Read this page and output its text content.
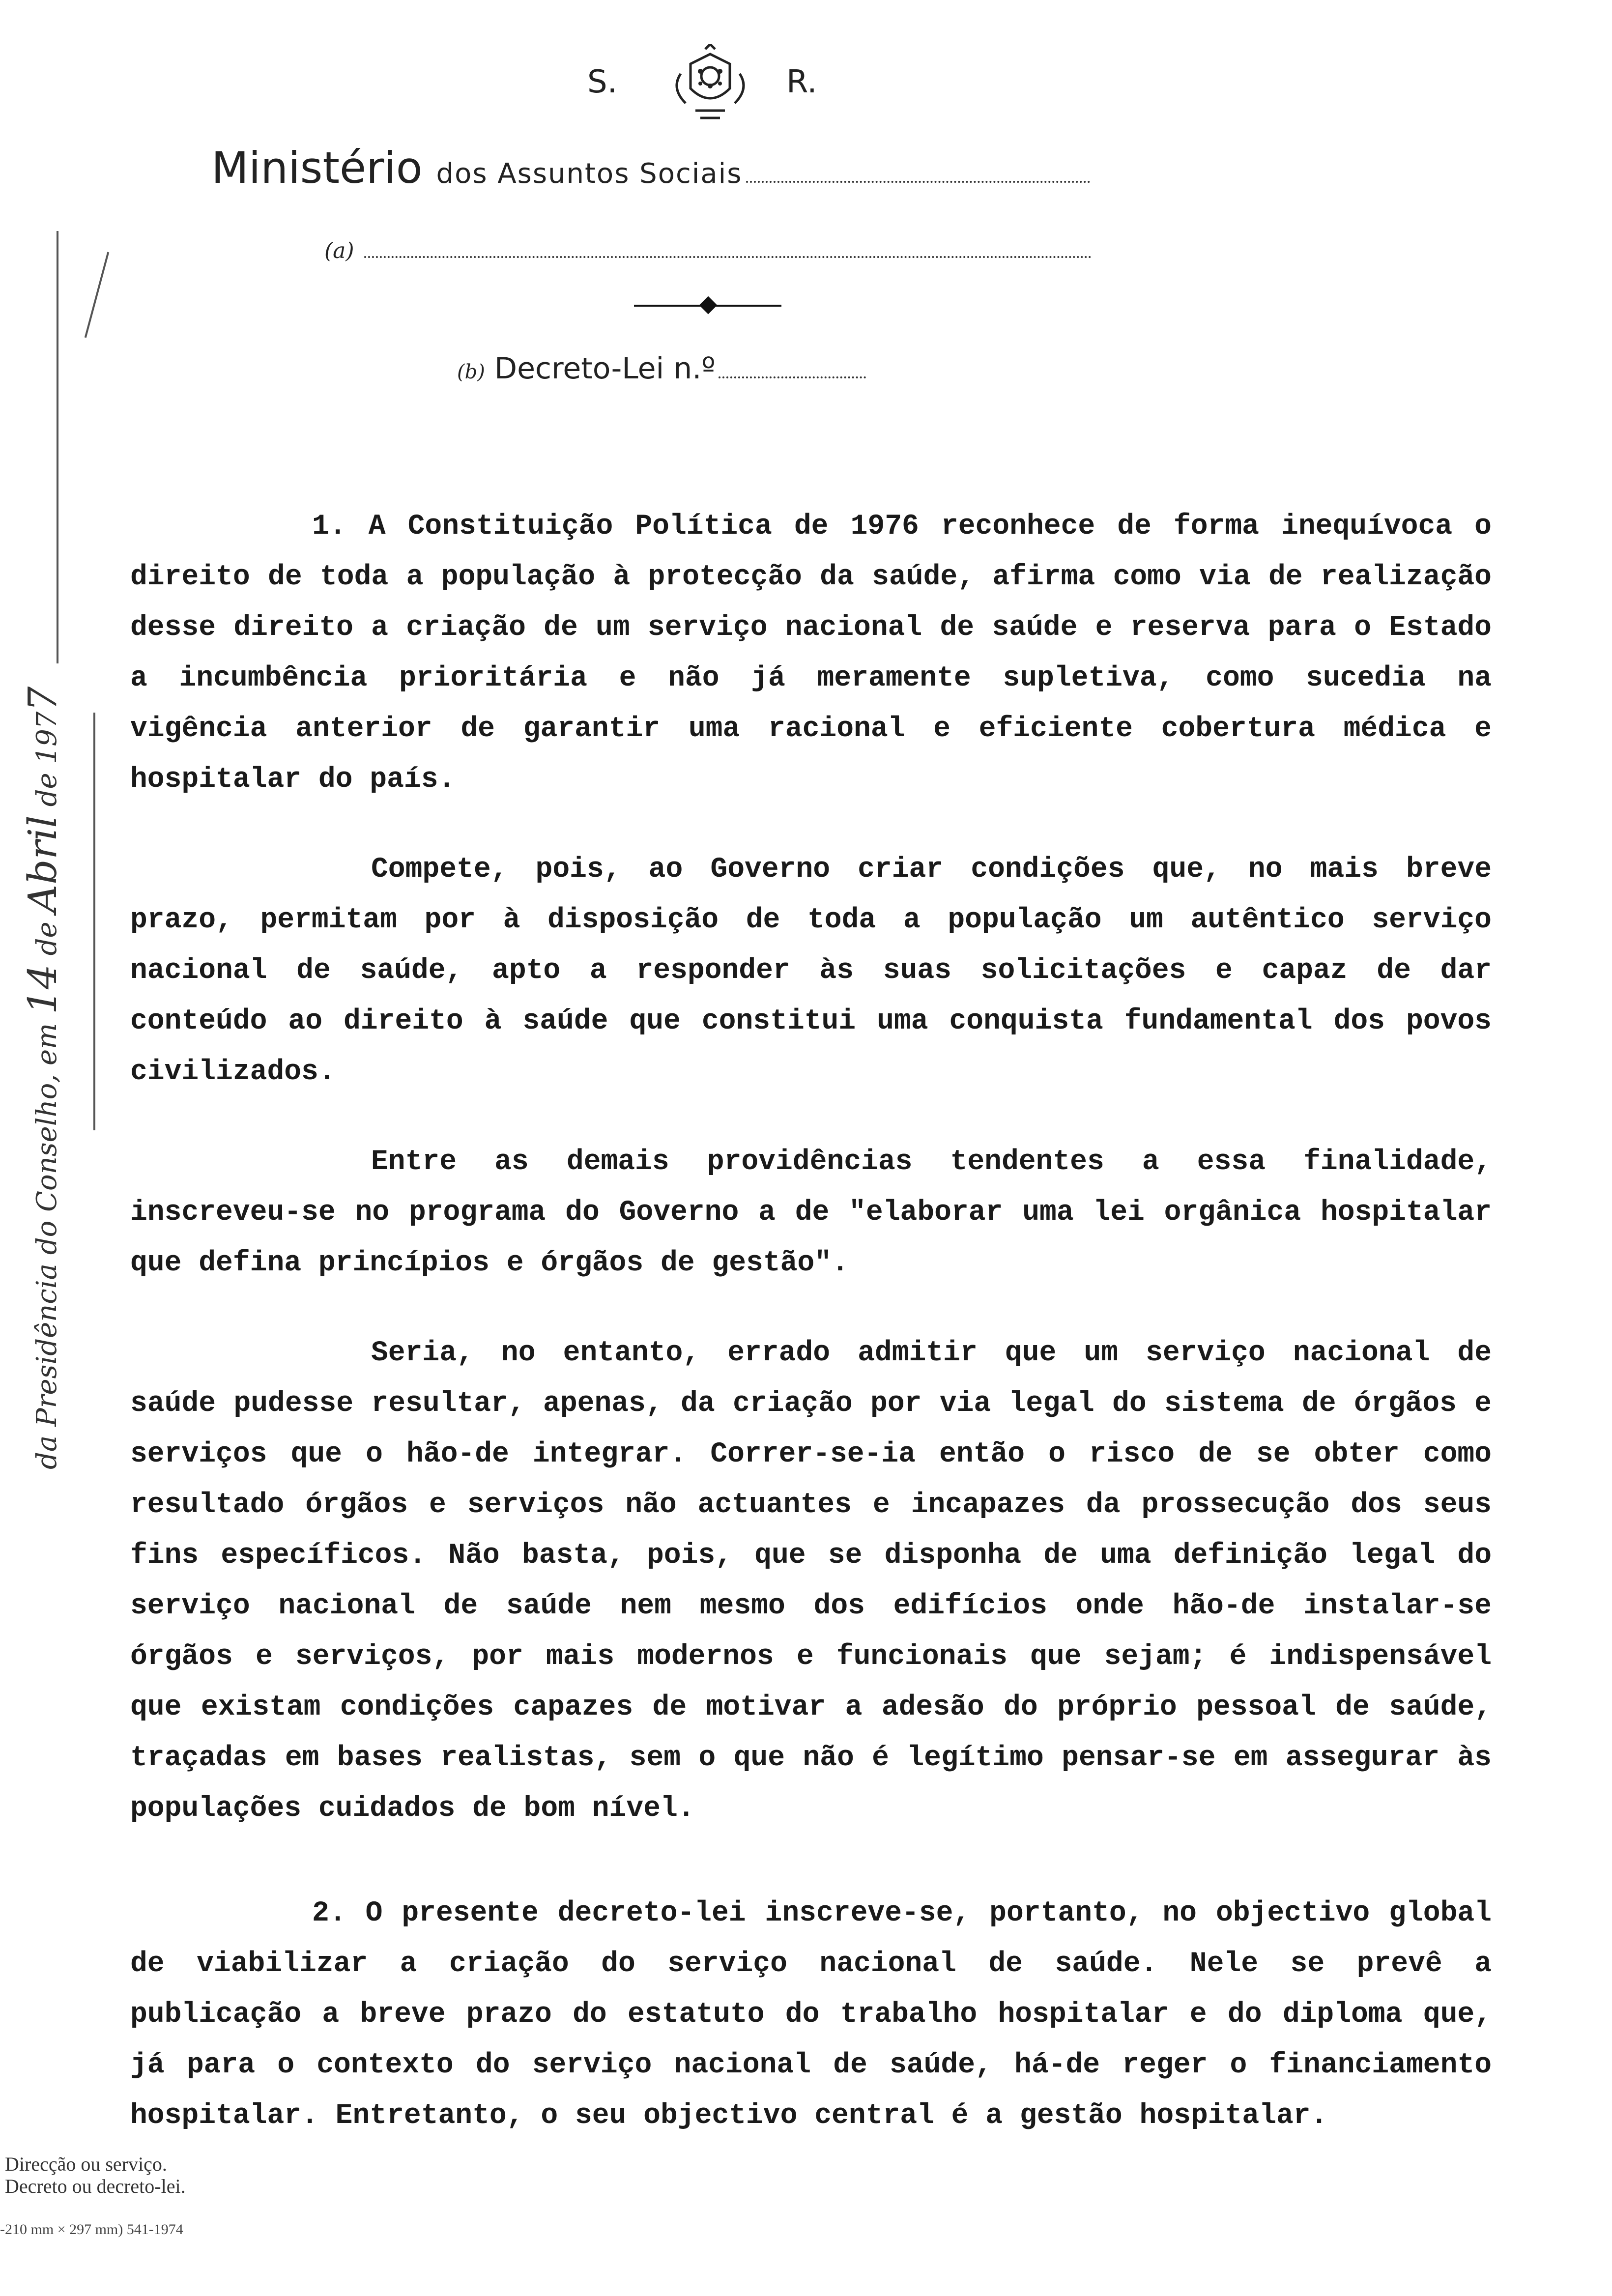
S.	R.
Ministério dos Assuntos Sociais
(a)
(b) Decreto-Lei n.º

1. A Constituição Política de 1976 reconhece de forma inequívoca o direito de toda a população à protecção da saúde, afirma como via de realização desse direito a criação de um serviço nacional de saúde e reserva para o Estado a incumbência prioritária e não já meramente supletiva, como sucedia na vigência anterior de garantir uma racional e eficiente cobertura médica e hospitalar do país.

Compete, pois, ao Governo criar condições que, no mais breve prazo, permitam por à disposição de toda a população um autêntico serviço nacional de saúde, apto a responder às suas solicitações e capaz de dar conteúdo ao direito à saúde que constitui uma conquista fundamental dos povos civilizados.

Entre as demais providências tendentes a essa finalidade, inscreveu-se no programa do Governo a de "elaborar uma lei orgânica hospitalar que defina princípios e órgãos de gestão".

Seria, no entanto, errado admitir que um serviço nacional de saúde pudesse resultar, apenas, da criação por via legal do sistema de órgãos e serviços que o hão-de integrar. Correr-se-ia então o risco de se obter como resultado órgãos e serviços não actuantes e incapazes da prossecução dos seus fins específicos. Não basta, pois, que se disponha de uma definição legal do serviço nacional de saúde nem mesmo dos edifícios onde hão-de instalar-se órgãos e serviços, por mais modernos e funcionais que sejam; é indispensável que existam condições capazes de motivar a adesão do próprio pessoal de saúde, traçadas em bases realistas, sem o que não é legítimo pensar-se em assegurar às populações cuidados de bom nível.

2. O presente decreto-lei inscreve-se, portanto, no objectivo global de viabilizar a criação do serviço nacional de saúde. Nele se prevê a publicação a breve prazo do estatuto do trabalho hospitalar e do diploma que, já para o contexto do serviço nacional de saúde, há-de reger o financiamento hospitalar. Entretanto, o seu objectivo central é a gestão hospitalar.

da Presidência do Conselho, em 14 de Abril de 1977
Direcção ou serviço.
Decreto ou decreto-lei.
-210 mm × 297 mm) 541-1974
